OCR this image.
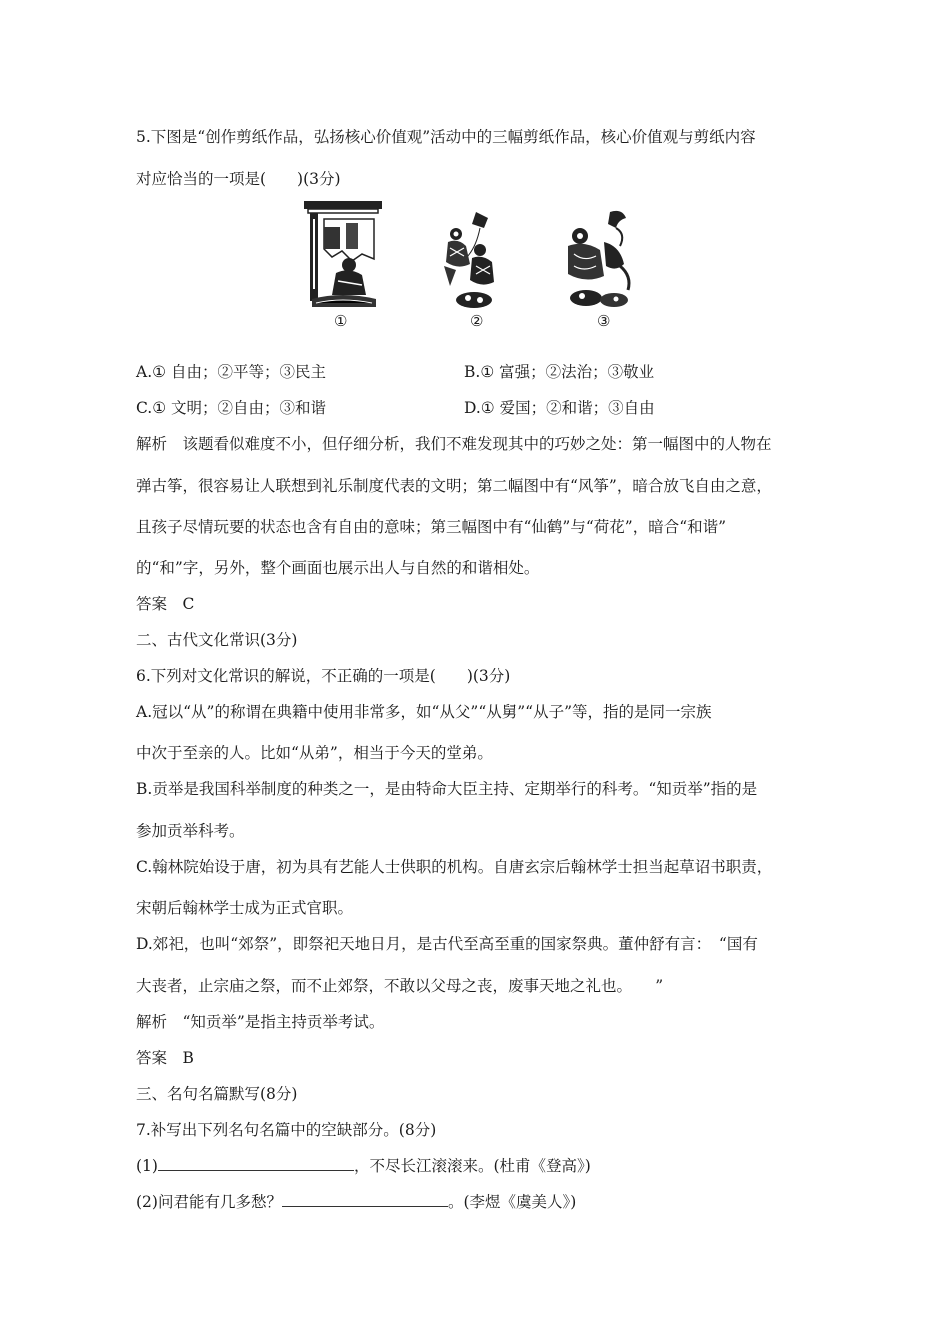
5.下图是“创作剪纸作品，弘扬核心价值观”活动中的三幅剪纸作品，核心价值观与剪纸内容
对应恰当的一项是(　　)(3分)
①	②	③
A.① 自由；②平等；③民主	B.① 富强；②法治；③敬业
C.① 文明；②自由；③和谐	D.① 爱国；②和谐；③自由
解析　该题看似难度不小，但仔细分析，我们不难发现其中的巧妙之处：第一幅图中的人物在
弹古筝，很容易让人联想到礼乐制度代表的文明；第二幅图中有“风筝”，暗合放飞自由之意，
且孩子尽情玩要的状态也含有自由的意味；第三幅图中有“仙鹤”与“荷花”，暗合“和谐”
的“和”字，另外，整个画面也展示出人与自然的和谐相处。
答案　C
二、古代文化常识(3分)
6.下列对文化常识的解说，不正确的一项是(　　)(3分)
A.冠以“从”的称谓在典籍中使用非常多，如“从父”“从舅”“从子”等，指的是同一宗族
中次于至亲的人。比如“从弟”，相当于今天的堂弟。
B.贡举是我国科举制度的种类之一，是由特命大臣主持、定期举行的科考。“知贡举”指的是
参加贡举科考。
C.翰林院始设于唐，初为具有艺能人士供职的机构。自唐玄宗后翰林学士担当起草诏书职责，
宋朝后翰林学士成为正式官职。
D.郊祀，也叫“郊祭”，即祭祀天地日月，是古代至高至重的国家祭典。董仲舒有言：　“国有
大丧者，止宗庙之祭，而不止郊祭，不敢以父母之丧，废事天地之礼也。　　”
解析　“知贡举”是指主持贡举考试。
答案　B
三、名句名篇默写(8分)
7.补写出下列名句名篇中的空缺部分。(8分)
(1)	，不尽长江滚滚来。(杜甫《登高》)
(2)问君能有几多愁？	。(李煜《虞美人》)
